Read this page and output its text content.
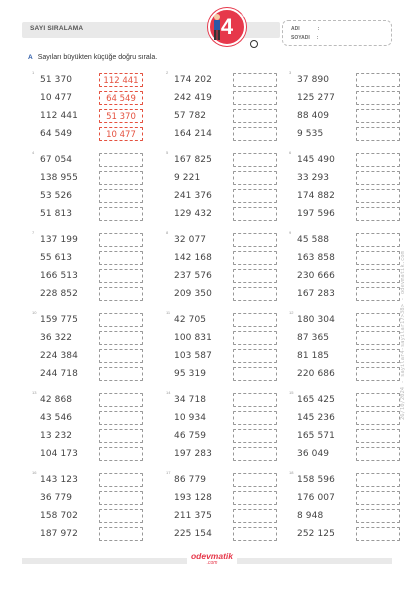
SAYI SIRALAMA	4	SINIF
ADI	:
SOYADI :
A Sayıları büyükten küçüğe doğru sırala.
1
51 370	112 441
10 477	64 549
112 441	51 370
64 549	10 477
2
174 202
242 419
57 782
164 214
3
37 890
125 277
88 409
9 535
4
67 054
138 955
53 526
51 813
5
167 825
9 221
241 376
129 432
6
145 490
33 293
174 882
197 596
7
137 199
55 613
166 513
228 852
8
32 077
142 168
237 576
209 350
9
45 588
163 858
230 666
167 283
10
159 775
36 322
224 384
244 718
11
42 705
100 831
103 587
95 319
12
180 304
87 365
81 185
220 686
13
42 868
43 546
13 232
104 173
14
34 718
10 934
46 759
197 283
15
165 425
145 236
165 571
36 049
16
143 123
36 779
158 702
187 972
17
86 779
193 128
211 375
225 154
18
158 596
176 007
8 948
252 125
26/10/2024 - sayilar4-sayilar17>38> - odevmatik.com
odevmatik
.com
